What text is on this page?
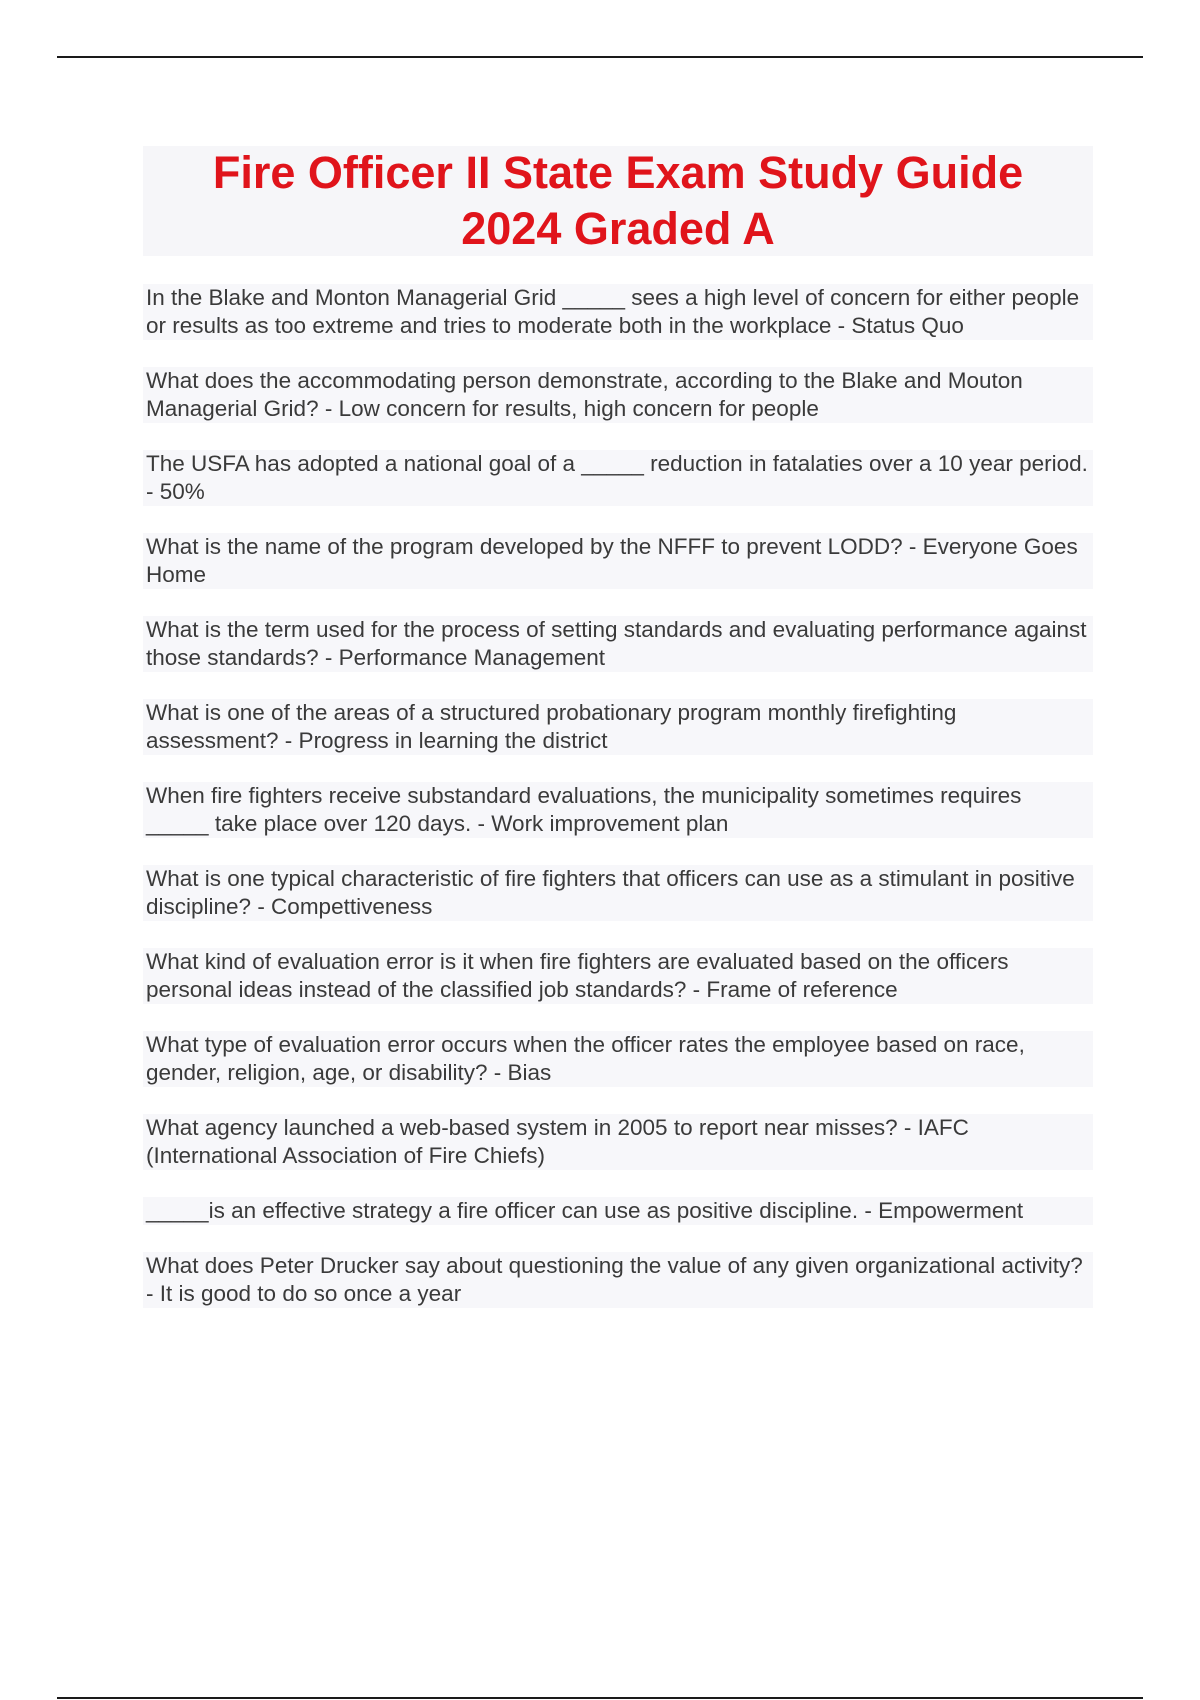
Fire Officer II State Exam Study Guide
2024 Graded A

In the Blake and Monton Managerial Grid _____ sees a high level of concern for either people or results as too extreme and tries to moderate both in the workplace - Status Quo

What does the accommodating person demonstrate, according to the Blake and Mouton Managerial Grid? - Low concern for results, high concern for people

The USFA has adopted a national goal of a _____ reduction in fatalaties over a 10 year period. - 50%

What is the name of the program developed by the NFFF to prevent LODD? - Everyone Goes Home

What is the term used for the process of setting standards and evaluating performance against those standards? - Performance Management

What is one of the areas of a structured probationary program monthly firefighting assessment? - Progress in learning the district

When fire fighters receive substandard evaluations, the municipality sometimes requires _____ take place over 120 days. - Work improvement plan

What is one typical characteristic of fire fighters that officers can use as a stimulant in positive discipline? - Compettiveness

What kind of evaluation error is it when fire fighters are evaluated based on the officers personal ideas instead of the classified job standards? - Frame of reference

What type of evaluation error occurs when the officer rates the employee based on race, gender, religion, age, or disability? - Bias

What agency launched a web-based system in 2005 to report near misses? - IAFC (International Association of Fire Chiefs)

_____is an effective strategy a fire officer can use as positive discipline. - Empowerment

What does Peter Drucker say about questioning the value of any given organizational activity? - It is good to do so once a year
